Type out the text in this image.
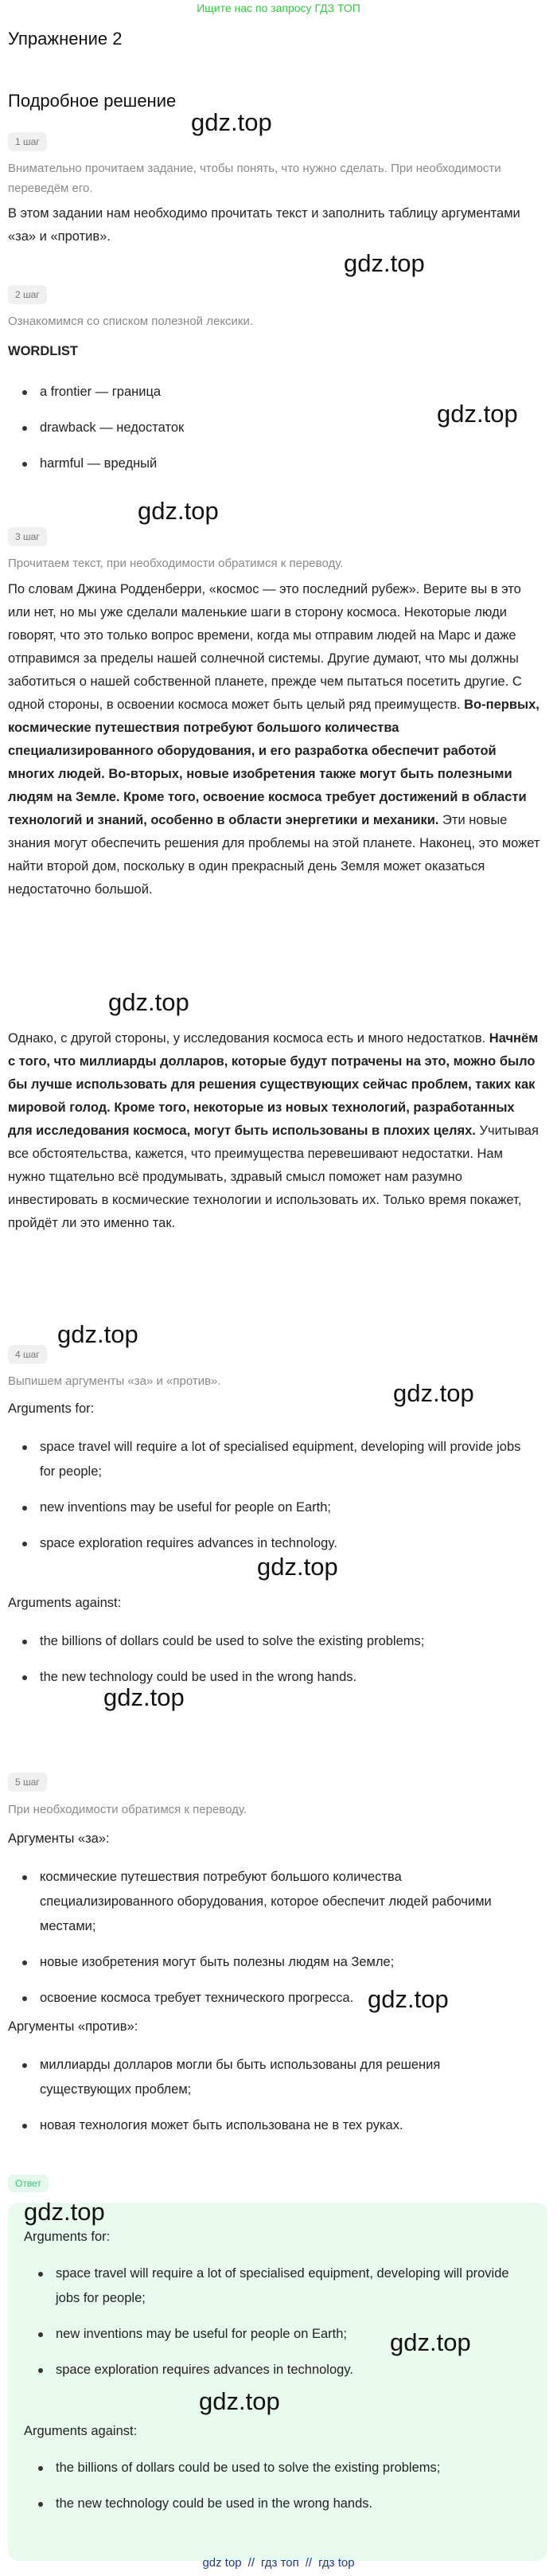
Ищите нас по запросу ГДЗ ТОП
Упражнение 2
Подробное решение
gdz.top
gdz.top
gdz.top
gdz.top
gdz.top
gdz.top
gdz.top
gdz.top
gdz.top
gdz.top
1 шаг
Внимательно прочитаем задание, чтобы понять, что нужно сделать. При необходимости переведём его.
В этом задании нам необходимо прочитать текст и заполнить таблицу аргументами «за» и «против».
2 шаг
Ознакомимся со списком полезной лексики.
WORDLIST
a frontier — граница
drawback — недостаток
harmful — вредный
3 шаг
Прочитаем текст, при необходимости обратимся к переводу.
По словам Джина Родденберри, «космос — это последний рубеж». Верите вы в это или нет, но мы уже сделали маленькие шаги в сторону космоса. Некоторые люди говорят, что это только вопрос времени, когда мы отправим людей на Марс и даже отправимся за пределы нашей солнечной системы. Другие думают, что мы должны заботиться о нашей собственной планете, прежде чем пытаться посетить другие. С одной стороны, в освоении космоса может быть целый ряд преимуществ. Во-первых, космические путешествия потребуют большого количества специализированного оборудования, и его разработка обеспечит работой многих людей. Во-вторых, новые изобретения также могут быть полезными людям на Земле. Кроме того, освоение космоса требует достижений в области технологий и знаний, особенно в области энергетики и механики. Эти новые знания могут обеспечить решения для проблемы на этой планете. Наконец, это может найти второй дом, поскольку в один прекрасный день Земля может оказаться недостаточно большой.
Однако, с другой стороны, у исследования космоса есть и много недостатков. Начнём с того, что миллиарды долларов, которые будут потрачены на это, можно было бы лучше использовать для решения существующих сейчас проблем, таких как мировой голод. Кроме того, некоторые из новых технологий, разработанных для исследования космоса, могут быть использованы в плохих целях. Учитывая все обстоятельства, кажется, что преимущества перевешивают недостатки. Нам нужно тщательно всё продумывать, здравый смысл поможет нам разумно инвестировать в космические технологии и использовать их. Только время покажет, пройдёт ли это именно так.
4 шаг
Выпишем аргументы «за» и «против».
Arguments for:
space travel will require a lot of specialised equipment, developing will provide jobs for people;
new inventions may be useful for people on Earth;
space exploration requires advances in technology.
Arguments against:
the billions of dollars could be used to solve the existing problems;
the new technology could be used in the wrong hands.
5 шаг
При необходимости обратимся к переводу.
Аргументы «за»:
космические путешествия потребуют большого количества специализированного оборудования, которое обеспечит людей рабочими местами;
новые изобретения могут быть полезны людям на Земле;
освоение космоса требует технического прогресса.
Аргументы «против»:
миллиарды долларов могли бы быть использованы для решения существующих проблем;
новая технология может быть использована не в тех руках.
Ответ
gdz.top
gdz.top
gdz.top
Arguments for:
space travel will require a lot of specialised equipment, developing will provide jobs for people;
new inventions may be useful for people on Earth;
space exploration requires advances in technology.
Arguments against:
the billions of dollars could be used to solve the existing problems;
the new technology could be used in the wrong hands.
gdz top // гдз топ // гдз top
